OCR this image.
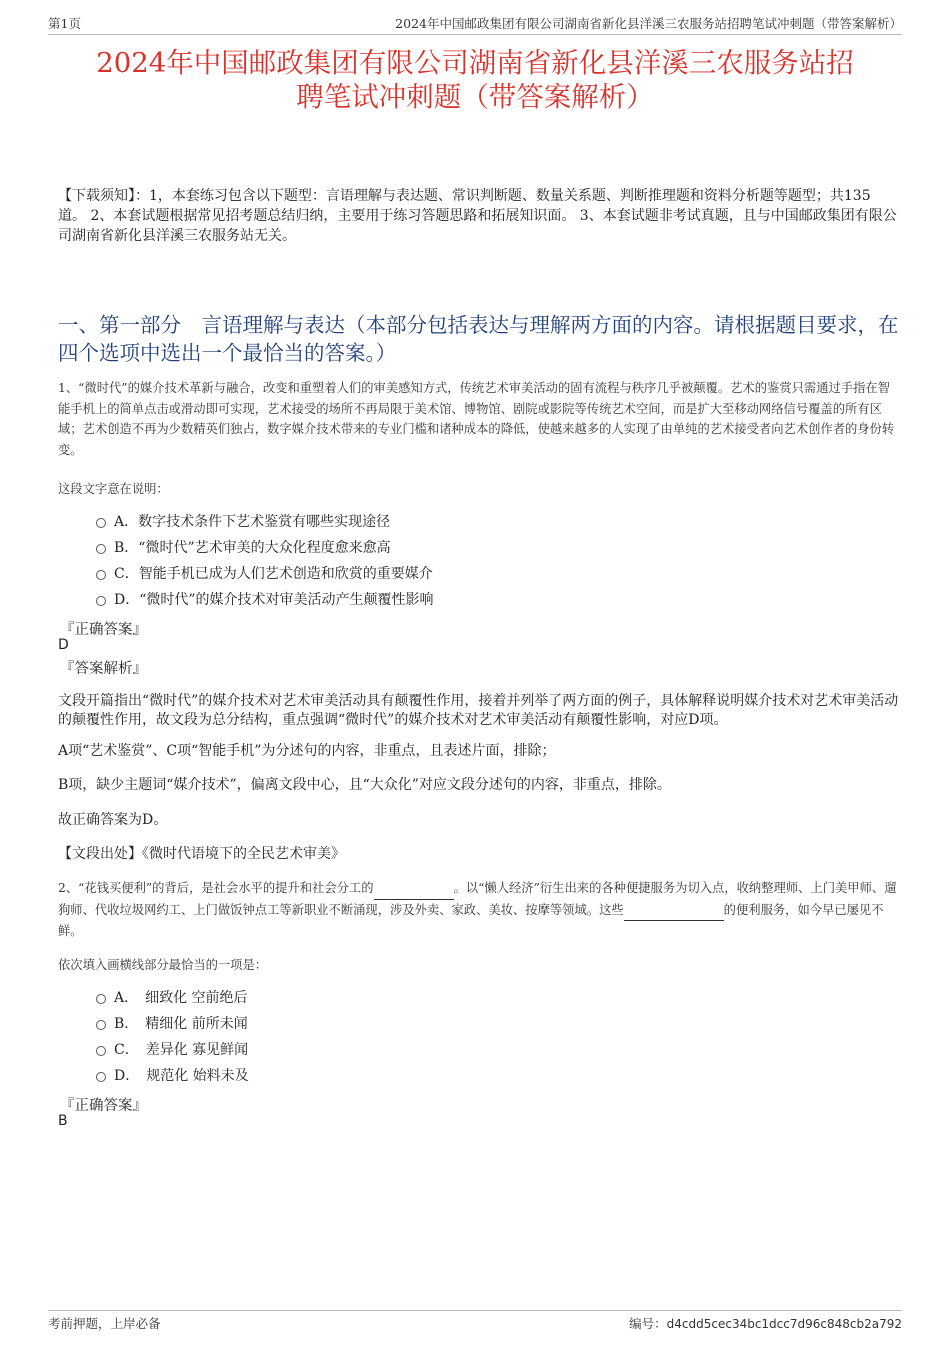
第1页	2024年中国邮政集团有限公司湖南省新化县洋溪三农服务站招聘笔试冲刺题（带答案解析）
2024年中国邮政集团有限公司湖南省新化县洋溪三农服务站招
聘笔试冲刺题（带答案解析）
【下载须知】：1，本套练习包含以下题型：言语理解与表达题、常识判断题、数量关系题、判断推理题和资料分析题等题型；共135道。 2、本套试题根据常见招考题总结归纳，主要用于练习答题思路和拓展知识面。 3、本套试题非考试真题，且与中国邮政集团有限公司湖南省新化县洋溪三农服务站无关。
一、第一部分　言语理解与表达（本部分包括表达与理解两方面的内容。请根据题目要求，在四个选项中选出一个最恰当的答案。）
1、“微时代”的媒介技术革新与融合，改变和重塑着人们的审美感知方式，传统艺术审美活动的固有流程与秩序几乎被颠覆。艺术的鉴赏只需通过手指在智能手机上的简单点击或滑动即可实现，艺术接受的场所不再局限于美术馆、博物馆、剧院或影院等传统艺术空间，而是扩大至移动网络信号覆盖的所有区域；艺术创造不再为少数精英们独占，数字媒介技术带来的专业门槛和诸种成本的降低，使越来越多的人实现了由单纯的艺术接受者向艺术创作者的身份转变。
这段文字意在说明：
A．数字技术条件下艺术鉴赏有哪些实现途径
B．“微时代”艺术审美的大众化程度愈来愈高
C．智能手机已成为人们艺术创造和欣赏的重要媒介
D．“微时代”的媒介技术对审美活动产生颠覆性影响
『正确答案』
D
『答案解析』
文段开篇指出“微时代”的媒介技术对艺术审美活动具有颠覆性作用，接着并列举了两方面的例子，具体解释说明媒介技术对艺术审美活动的颠覆性作用，故文段为总分结构，重点强调“微时代”的媒介技术对艺术审美活动有颠覆性影响，对应D项。
A项“艺术鉴赏”、C项“智能手机”为分述句的内容，非重点，且表述片面，排除；
B项，缺少主题词“媒介技术”，偏离文段中心，且“大众化”对应文段分述句的内容，非重点，排除。
故正确答案为D。
【文段出处】《微时代语境下的全民艺术审美》
2、“花钱买便利”的背后，是社会水平的提升和社会分工的	。以“懒人经济”衍生出来的各种便捷服务为切入点，收纳整理师、上门美甲师、遛狗师、代收垃圾网约工、上门做饭钟点工等新职业不断涌现，涉及外卖、家政、美妆、按摩等领域。这些	的便利服务，如今早已屡见不鲜。
依次填入画横线部分最恰当的一项是：
A．　细致化 空前绝后
B．　精细化 前所未闻
C．　差异化 寡见鲜闻
D．　规范化 始料未及
『正确答案』
B
考前押题，上岸必备	编号：d4cdd5cec34bc1dcc7d96c848cb2a792
